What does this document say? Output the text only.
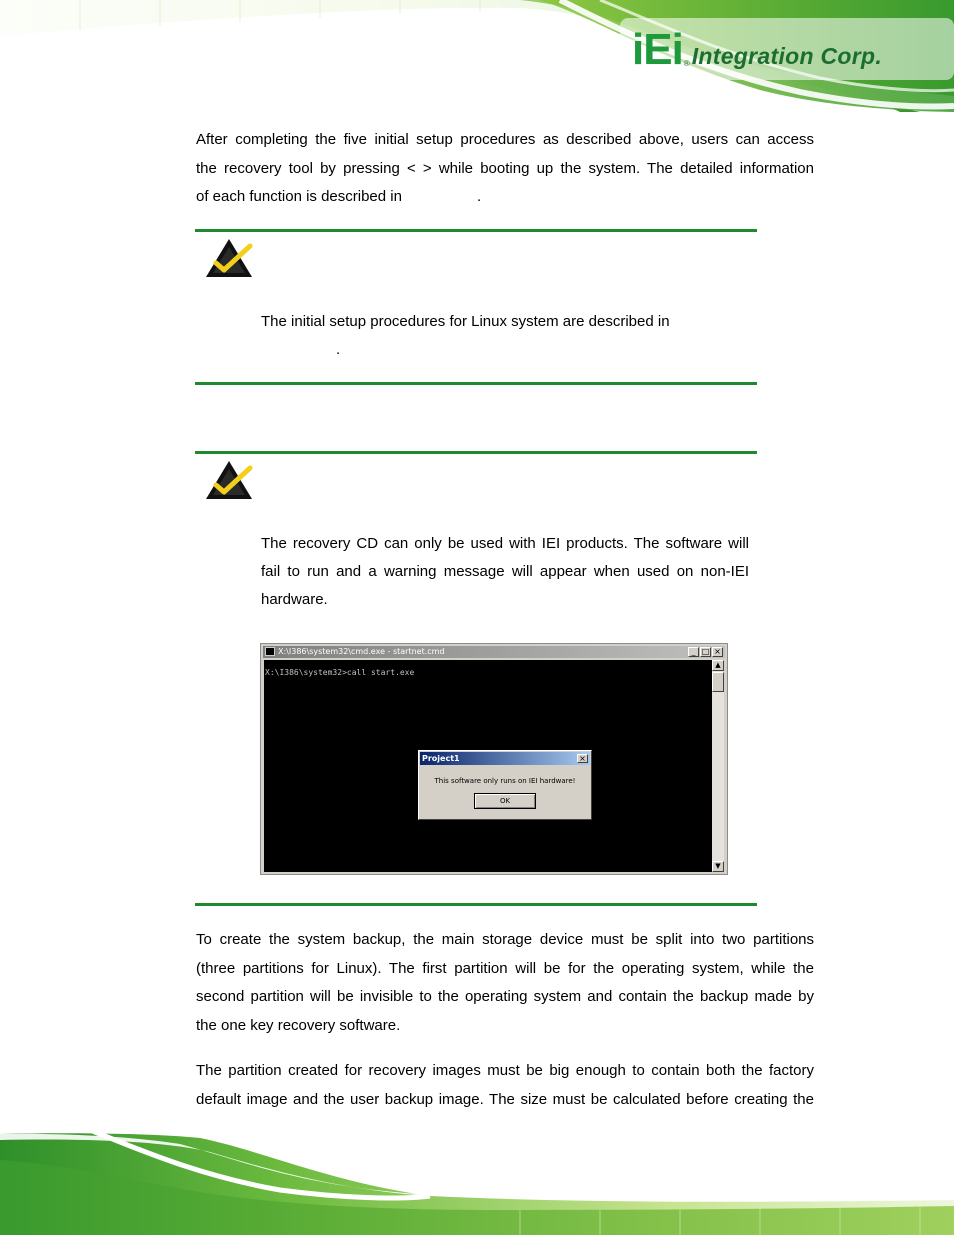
iEi ® Integration Corp.
After completing the five initial setup procedures as described above, users can access
the recovery tool by pressing < > while booting up the system. The detailed information
of each function is described in                  .
The initial setup procedures for Linux system are described in
.
The recovery CD can only be used with IEI products. The software will
fail to run and a warning message will appear when used on non-IEI
hardware.
X:\I386\system32\cmd.exe - startnet.cmd	_ □ ×
X:\I386\system32>call start.exe
Project1	×
This software only runs on IEI hardware!
OK
▲
▼
To create the system backup, the main storage device must be split into two partitions
(three partitions for Linux). The first partition will be for the operating system, while the
second partition will be invisible to the operating system and contain the backup made by
the one key recovery software.
The partition created for recovery images must be big enough to contain both the factory
default image and the user backup image. The size must be calculated before creating the
